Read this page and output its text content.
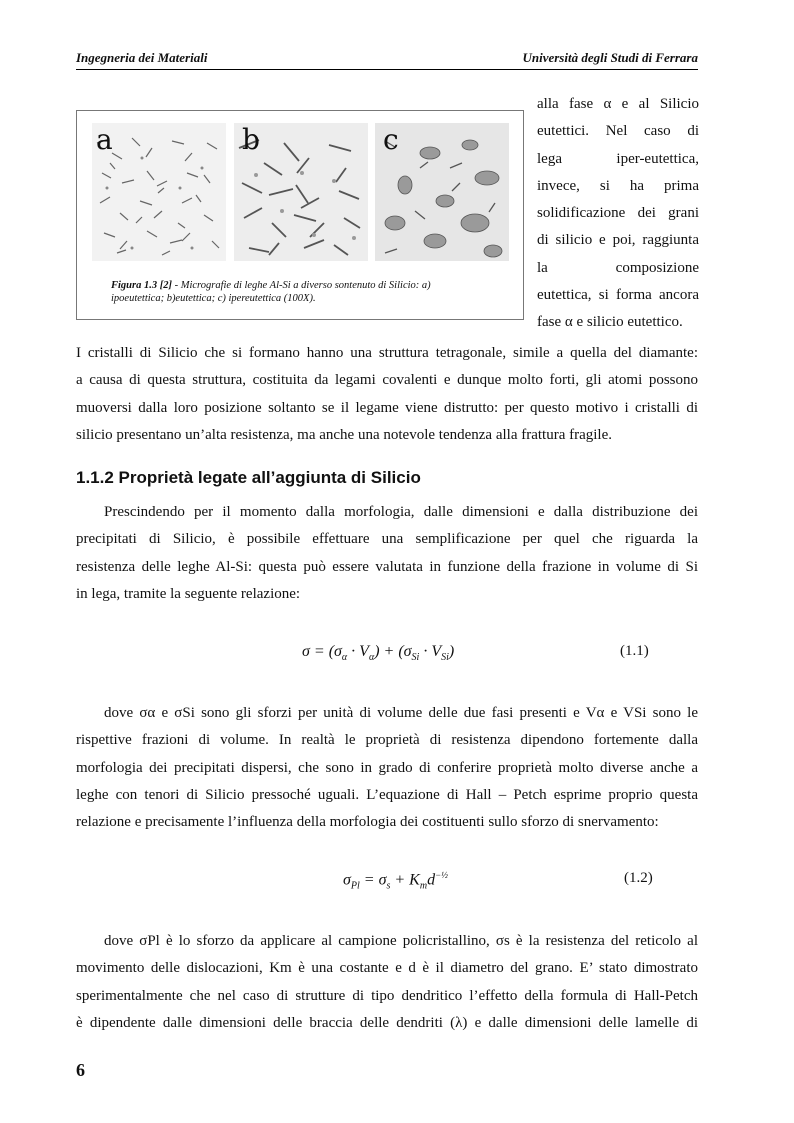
Ingegneria dei Materiali	Università degli Studi di Ferrara
a	b	c
Figura 1.3 [2] - Micrografie di leghe Al-Si a diverso sontenuto di Silicio: a)
ipoeutettica; b)eutettica; c) ipereutettica (100X).
alla fase α e al Silicio
eutettici. Nel caso di
lega iper-eutettica,
invece, si ha prima
solidificazione dei grani
di silicio e poi, raggiunta
la composizione
eutettica, si forma ancora
fase α e silicio eutettico.
I cristalli di Silicio che si formano hanno una struttura tetragonale, simile a quella del diamante:
a causa di questa struttura, costituita da legami covalenti e dunque molto forti, gli atomi possono
muoversi dalla loro posizione soltanto se il legame viene distrutto: per questo motivo i cristalli di
silicio presentano un’alta resistenza, ma anche una notevole tendenza alla frattura fragile.
1.1.2 Proprietà legate all’aggiunta di Silicio
Prescindendo per il momento dalla morfologia, dalle dimensioni e dalla distribuzione dei
precipitati di Silicio, è possibile effettuare una semplificazione per quel che riguarda la
resistenza delle leghe Al-Si: questa può essere valutata in funzione della frazione in volume di Si
in lega, tramite la seguente relazione:
$\sigma = (\sigma_\alpha \cdot V_\alpha) + (\sigma_{Si} \cdot V_{Si})$	(1.1)
dove σα e σSi sono gli sforzi per unità di volume delle due fasi presenti e Vα e VSi sono le
rispettive frazioni di volume. In realtà le proprietà di resistenza dipendono fortemente dalla
morfologia dei precipitati dispersi, che sono in grado di conferire proprietà molto diverse anche a
leghe con tenori di Silicio pressoché uguali. L’equazione di Hall – Petch esprime proprio questa
relazione e precisamente l’influenza della morfologia dei costituenti sullo sforzo di snervamento:
$\sigma_{Pl} = \sigma_s + K_md^{-\frac{1}{2}}$	(1.2)
dove σPl è lo sforzo da applicare al campione policristallino, σs è la resistenza del reticolo al
movimento delle dislocazioni, Km è una costante e d è il diametro del grano. E’ stato dimostrato
sperimentalmente che nel caso di strutture di tipo dendritico l’effetto della formula di Hall-Petch
è dipendente dalle dimensioni delle braccia delle dendriti (λ) e dalle dimensioni delle lamelle di
6
